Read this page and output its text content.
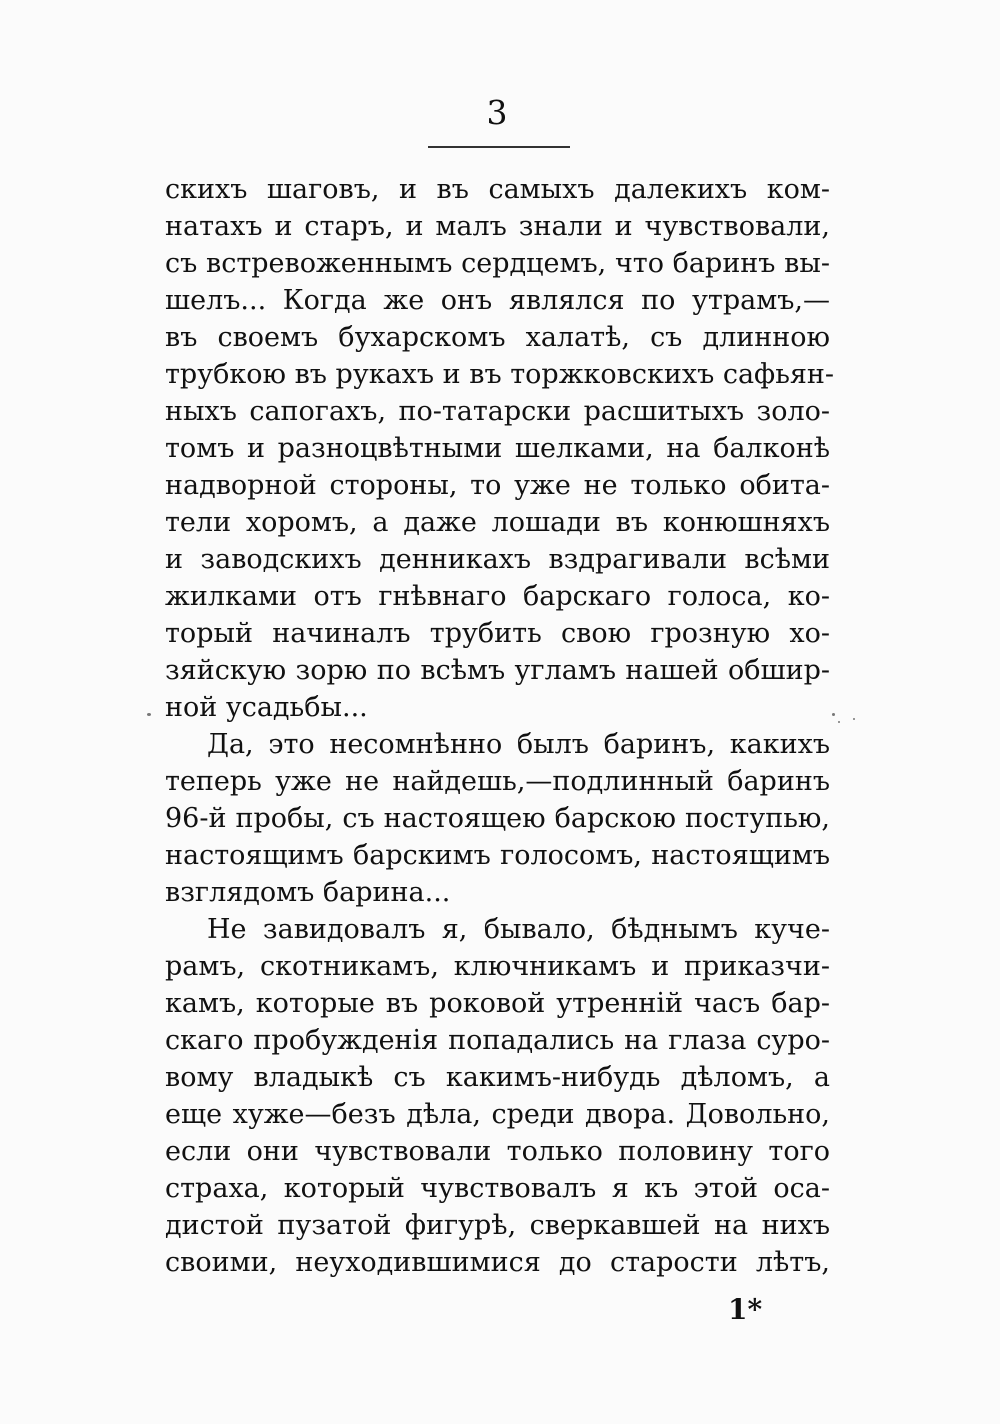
3
скихъ шаговъ, и въ самыхъ далекихъ ком-
натахъ и старъ, и малъ знали и чувствовали,
съ встревоженнымъ сердцемъ, что баринъ вы-
шелъ... Когда же онъ являлся по утрамъ,—
въ своемъ бухарскомъ халатѣ, съ длинною
трубкою въ рукахъ и въ торжковскихъ сафьян-
ныхъ сапогахъ, по-татарски расшитыхъ золо-
томъ и разноцвѣтными шелками, на балконѣ
надворной стороны, то уже не только обита-
тели хоромъ, а даже лошади въ конюшняхъ
и заводскихъ денникахъ вздрагивали всѣми
жилками отъ гнѣвнаго барскаго голоса, ко-
торый начиналъ трубить свою грозную хо-
зяйскую зорю по всѣмъ угламъ нашей обшир-
ной усадьбы...
Да, это несомнѣнно былъ баринъ, какихъ
теперь уже не найдешь,—подлинный баринъ
96-й пробы, съ настоящею барскою поступью,
настоящимъ барскимъ голосомъ, настоящимъ
взглядомъ барина...
Не завидовалъ я, бывало, бѣднымъ куче-
рамъ, скотникамъ, ключникамъ и приказчи-
камъ, которые въ роковой утренній часъ бар-
скаго пробужденія попадались на глаза суро-
вому владыкѣ съ какимъ-нибудь дѣломъ, а
еще хуже—безъ дѣла, среди двора. Довольно,
если они чувствовали только половину того
страха, который чувствовалъ я къ этой оса-
дистой пузатой фигурѣ, сверкавшей на нихъ
своими, неуходившимися до старости лѣтъ,
1*
